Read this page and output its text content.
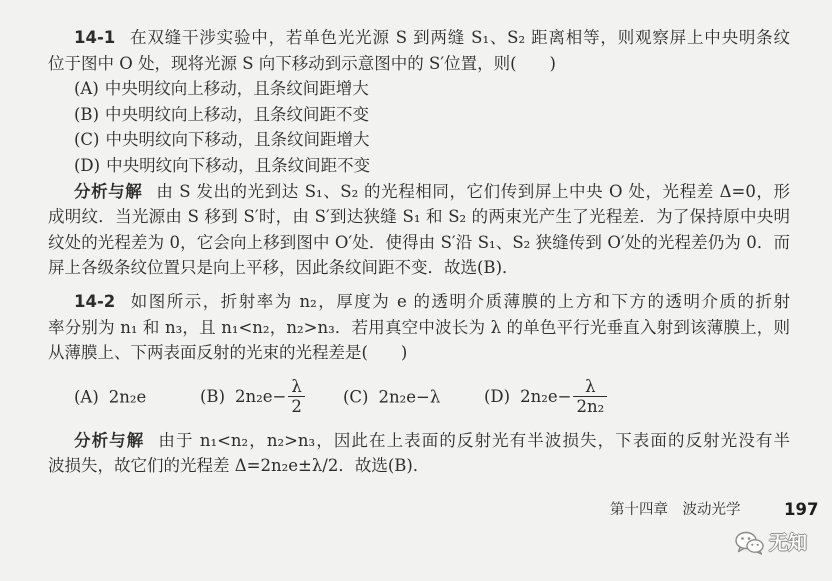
14-1 在双缝干涉实验中，若单色光光源 S 到两缝 S₁、S₂ 距离相等，则观察屏上中央明条纹
位于图中 O 处，现将光源 S 向下移动到示意图中的 S′位置，则(　　)
(A) 中央明纹向上移动，且条纹间距增大
(B) 中央明纹向上移动，且条纹间距不变
(C) 中央明纹向下移动，且条纹间距增大
(D) 中央明纹向下移动，且条纹间距不变
分析与解 由 S 发出的光到达 S₁、S₂ 的光程相同，它们传到屏上中央 O 处，光程差 Δ=0，形
成明纹．当光源由 S 移到 S′时，由 S′到达狭缝 S₁ 和 S₂ 的两束光产生了光程差．为了保持原中央明
纹处的光程差为 0，它会向上移到图中 O′处．使得由 S′沿 S₁、S₂ 狭缝传到 O′处的光程差仍为 0．而
屏上各级条纹位置只是向上平移，因此条纹间距不变．故选(B)．
14-2 如图所示，折射率为 n₂，厚度为 e 的透明介质薄膜的上方和下方的透明介质的折射
率分别为 n₁ 和 n₃，且 n₁<n₂，n₂>n₃．若用真空中波长为 λ 的单色平行光垂直入射到该薄膜上，则
从薄膜上、下两表面反射的光束的光程差是(　　)
(A) 2n₂e	(B) $2n_2e- \frac{\lambda}{2} (C)$ 2n₂e−λ	(D) $2n_2e- \frac{\lambda}{\text{2n₂}}$
分析与解 由于 n₁<n₂，n₂>n₃，因此在上表面的反射光有半波损失，下表面的反射光没有半
波损失，故它们的光程差 Δ=2n₂e±λ/2．故选(B)．
第十四章　波动光学	197
无知
